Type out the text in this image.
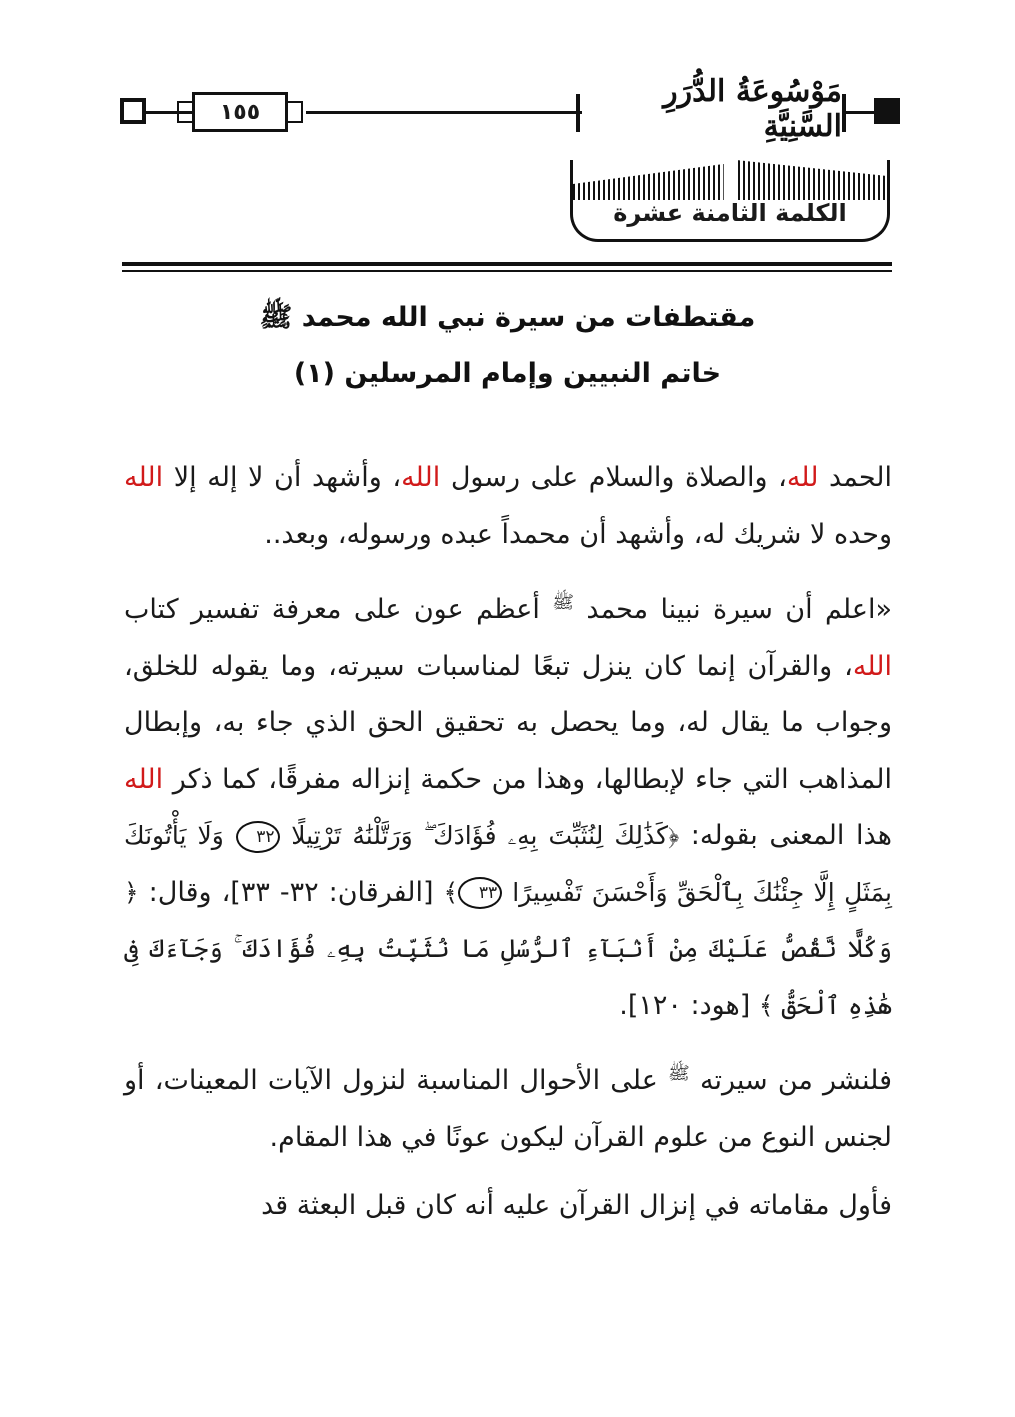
١٥٥
مَوْسُوعَةُ الدُّرَرِ السَّنِيَّةِ
الكلمة الثامنة عشرة
مقتطفات من سيرة نبي الله محمد ﷺ
خاتم النبيين وإمام المرسلين (١)

الحمد لله، والصلاة والسلام على رسول الله، وأشهد أن لا إله إلا الله وحده لا شريك له، وأشهد أن محمداً عبده ورسوله، وبعد..

«اعلم أن سيرة نبينا محمد $^ﷺ$ أعظم عون على معرفة تفسير كتاب الله، والقرآن إنما كان ينزل تبعًا لمناسبات سيرته، وما يقوله للخلق، وجواب ما يقال له، وما يحصل به تحقيق الحق الذي جاء به، وإبطال المذاهب التي جاء لإبطالها، وهذا من حكمة إنزاله مفرقًا، كما ذكر الله هذا المعنى بقوله: ﴿كَذَٰلِكَ لِنُثَبِّتَ بِهِۦ فُؤَادَكَ ۖ وَرَتَّلْنَٰهُ تَرْتِيلًا ٣٢ وَلَا يَأْتُونَكَ بِمَثَلٍ إِلَّا جِئْنَٰكَ بِٱلْحَقِّ وَأَحْسَنَ تَفْسِيرًا ٣٣﴾ [الفرقان: ٣٢- ٣٣]، وقال: ﴿ وَكُلًّا نَّقُصُّ عَلَيْكَ مِنْ أَنۢبَآءِ ٱلرُّسُلِ مَا نُثَبِّتُ بِهِۦ فُؤَادَكَ ۚ وَجَآءَكَ فِى هَٰذِهِ ٱلْحَقُّ ﴾ [هود: ١٢٠].

فلنشر من سيرته $^ﷺ$ على الأحوال المناسبة لنزول الآيات المعينات، أو لجنس النوع من علوم القرآن ليكون عونًا في هذا المقام.

فأول مقاماته في إنزال القرآن عليه أنه كان قبل البعثة قد
